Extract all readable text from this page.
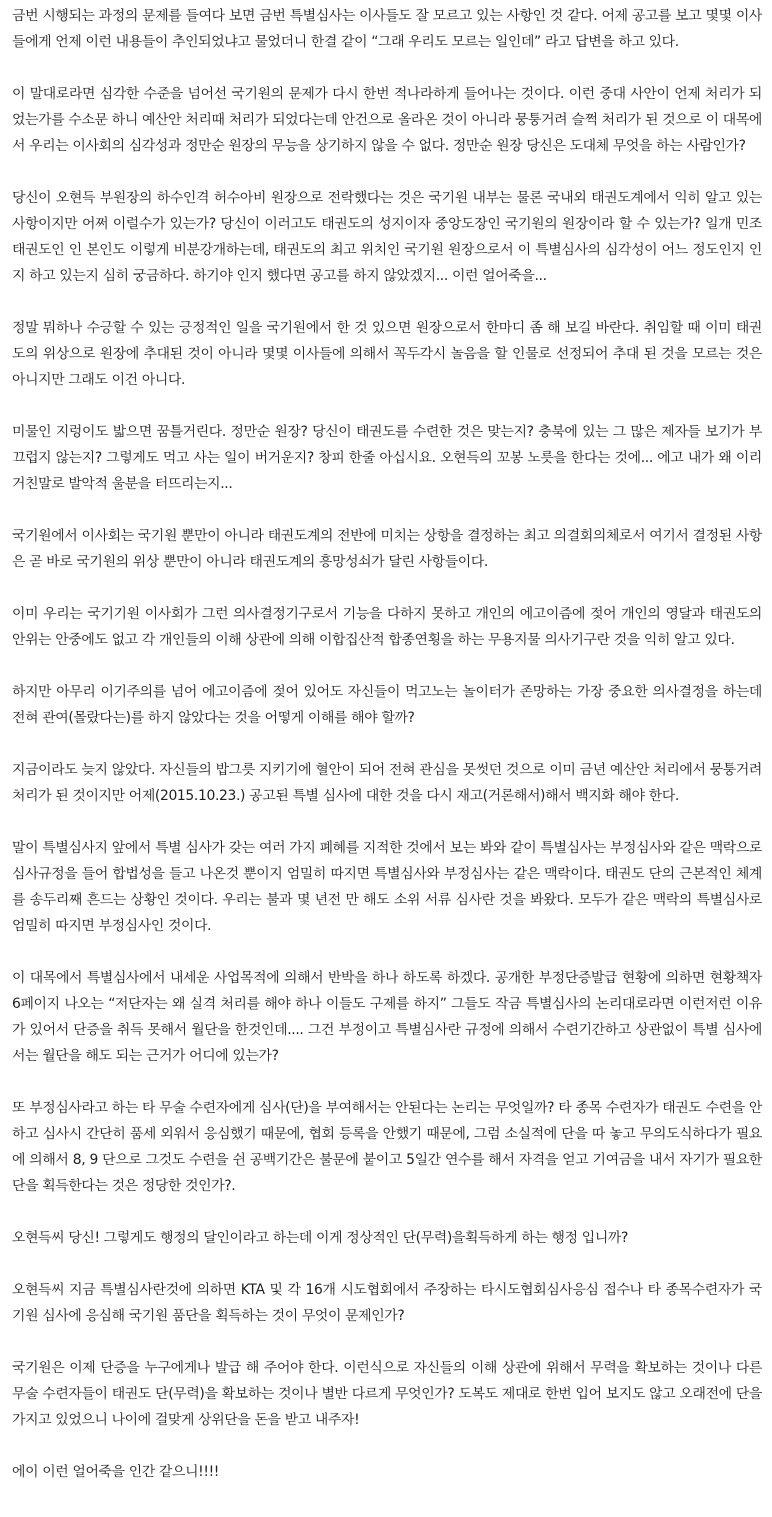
금번 시행되는 과정의 문제를 들여다 보면 금번 특별심사는 이사들도 잘 모르고 있는 사항인 것 같다. 어제 공고를 보고 몇몇 이사들에게 언제 이런 내용들이 추인되었냐고 물었더니 한결 같이 “그래 우리도 모르는 일인데” 라고 답변을 하고 있다.

이 말대로라면 심각한 수준을 넘어선 국기원의 문제가 다시 한번 적나라하게 들어나는 것이다. 이런 중대 사안이 언제 처리가 되었는가를 수소문 하니 예산안 처리때 처리가 되었다는데 안건으로 올라온 것이 아니라 뭉퉁거려 슬쩍 처리가 된 것으로 이 대목에서 우리는 이사회의 심각성과 정만순 원장의 무능을 상기하지 않을 수 없다. 정만순 원장 당신은 도대체 무엇을 하는 사람인가?

당신이 오현득 부원장의 하수인격 허수아비 원장으로 전락했다는 것은 국기원 내부는 물론 국내외 태권도계에서 익히 알고 있는 사항이지만 어쩌 이럴수가 있는가? 당신이 이러고도 태권도의 성지이자 중앙도장인 국기원의 원장이라 할 수 있는가? 일개 민조 태권도인 인 본인도 이렇게 비분강개하는데, 태권도의 최고 위치인 국기원 원장으로서 이 특별심사의 심각성이 어느 정도인지 인지 하고 있는지 심히 궁금하다. 하기야 인지 했다면 공고를 하지 않았겠지... 이런 얼어죽을...

정말 뭐하나 수긍할 수 있는 긍정적인 일을 국기원에서 한 것 있으면 원장으로서 한마디 좀 해 보길 바란다. 취임할 때 이미 태권도의 위상으로 원장에 추대된 것이 아니라 몇몇 이사들에 의해서 꼭두각시 놀음을 할 인물로 선정되어 추대 된 것을 모르는 것은 아니지만 그래도 이건 아니다.

미물인 지렁이도 밟으면 꿈틀거린다. 정만순 원장? 당신이 태권도를 수련한 것은 맞는지? 충북에 있는 그 많은 제자들 보기가 부끄럽지 않는지? 그렇게도 먹고 사는 일이 버거운지? 창피 한줄 아십시요. 오현득의 꼬봉 노릇을 한다는 것에... 에고 내가 왜 이리 거친말로 발악적 울분을 터뜨리는지...

국기원에서 이사회는 국기원 뿐만이 아니라 태권도계의 전반에 미치는 상항을 결정하는 최고 의결회의체로서 여기서 결정된 사항은 곧 바로 국기원의 위상 뿐만이 아니라 태권도계의 흥망성쇠가 달린 사항들이다.

이미 우리는 국기기원 이사회가 그런 의사결정기구로서 기능을 다하지 못하고 개인의 에고이즘에 젖어 개인의 영달과 태권도의 안위는 안중에도 없고 각 개인들의 이해 상관에 의해 이합집산적 합종연횡을 하는 무용지물 의사기구란 것을 익히 알고 있다.

하지만 아무리 이기주의를 넘어 에고이즘에 젖어 있어도 자신들이 먹고노는 놀이터가 존망하는 가장 중요한 의사결정을 하는데 전혀 관여(몰랐다는)를 하지 않았다는 것을 어떻게 이해를 해야 할까?

지금이라도 늦지 않았다. 자신들의 밥그릇 지키기에 혈안이 되어 전혀 관심을 못썻던 것으로 이미 금년 예산안 처리에서 뭉퉁거려 처리가 된 것이지만 어제(2015.10.23.) 공고된 특별 심사에 대한 것을 다시 재고(거론해서)해서 백지화 해야 한다.

말이 특별심사지 앞에서 특별 심사가 갖는 여러 가지 폐혜를 지적한 것에서 보는 봐와 같이 특별심사는 부정심사와 같은 맥락으로 심사규정을 들어 합법성을 들고 나온것 뿐이지 엄밀히 따지면 특별심사와 부정심사는 같은 맥락이다. 태권도 단의 근본적인 체계를 송두리째 흔드는 상황인 것이다. 우리는 불과 몇 년전 만 해도 소위 서류 심사란 것을 봐왔다. 모두가 같은 맥락의 특별심사로 엄밀히 따지면 부정심사인 것이다.

이 대목에서 특별심사에서 내세운 사업목적에 의해서 반박을 하나 하도록 하겠다. 공개한 부정단증발급 현황에 의하면 현황책자 6페이지 나오는 “저단자는 왜 실격 처리를 해야 하나 이들도 구제를 하지” 그들도 작금 특별심사의 논리대로라면 이런저런 이유가 있어서 단증을 취득 못해서 월단을 한것인데.... 그건 부정이고 특별심사란 규정에 의해서 수련기간하고 상관없이 특별 심사에서는 월단을 해도 되는 근거가 어디에 있는가?

또 부정심사라고 하는 타 무술 수련자에게 심사(단)을 부여해서는 안된다는 논리는 무엇일까? 타 종목 수련자가 태권도 수련을 안하고 심사시 간단히 품세 외워서 응심했기 때문에, 협회 등록을 안했기 때문에, 그럼 소실적에 단을 따 놓고 무의도식하다가 필요에 의해서 8, 9 단으로 그것도 수련을 쉰 공백기간은 불문에 붙이고 5일간 연수를 해서 자격을 얻고 기여금을 내서 자기가 필요한 단을 획득한다는 것은 정당한 것인가?.

오현득씨 당신! 그렇게도 행정의 달인이라고 하는데 이게 정상적인 단(무력)을획득하게 하는 행정 입니까?

오현득씨 지금 특별심사란것에 의하면 KTA 및 각 16개 시도협회에서 주장하는 타시도협회심사응심 접수나 타 종목수련자가 국기원 심사에 응심해 국기원 품단을 획득하는 것이 무엇이 문제인가?

국기원은 이제 단증을 누구에게나 발급 해 주어야 한다. 이런식으로 자신들의 이해 상관에 위해서 무력을 확보하는 것이나 다른 무술 수련자들이 태권도 단(무력)을 확보하는 것이나 별반 다르게 무엇인가? 도복도 제대로 한번 입어 보지도 않고 오래전에 단을 가지고 있었으니 나이에 걸맞게 상위단을 돈을 받고 내주자!

에이 이런 얼어죽을 인간 같으니!!!!
